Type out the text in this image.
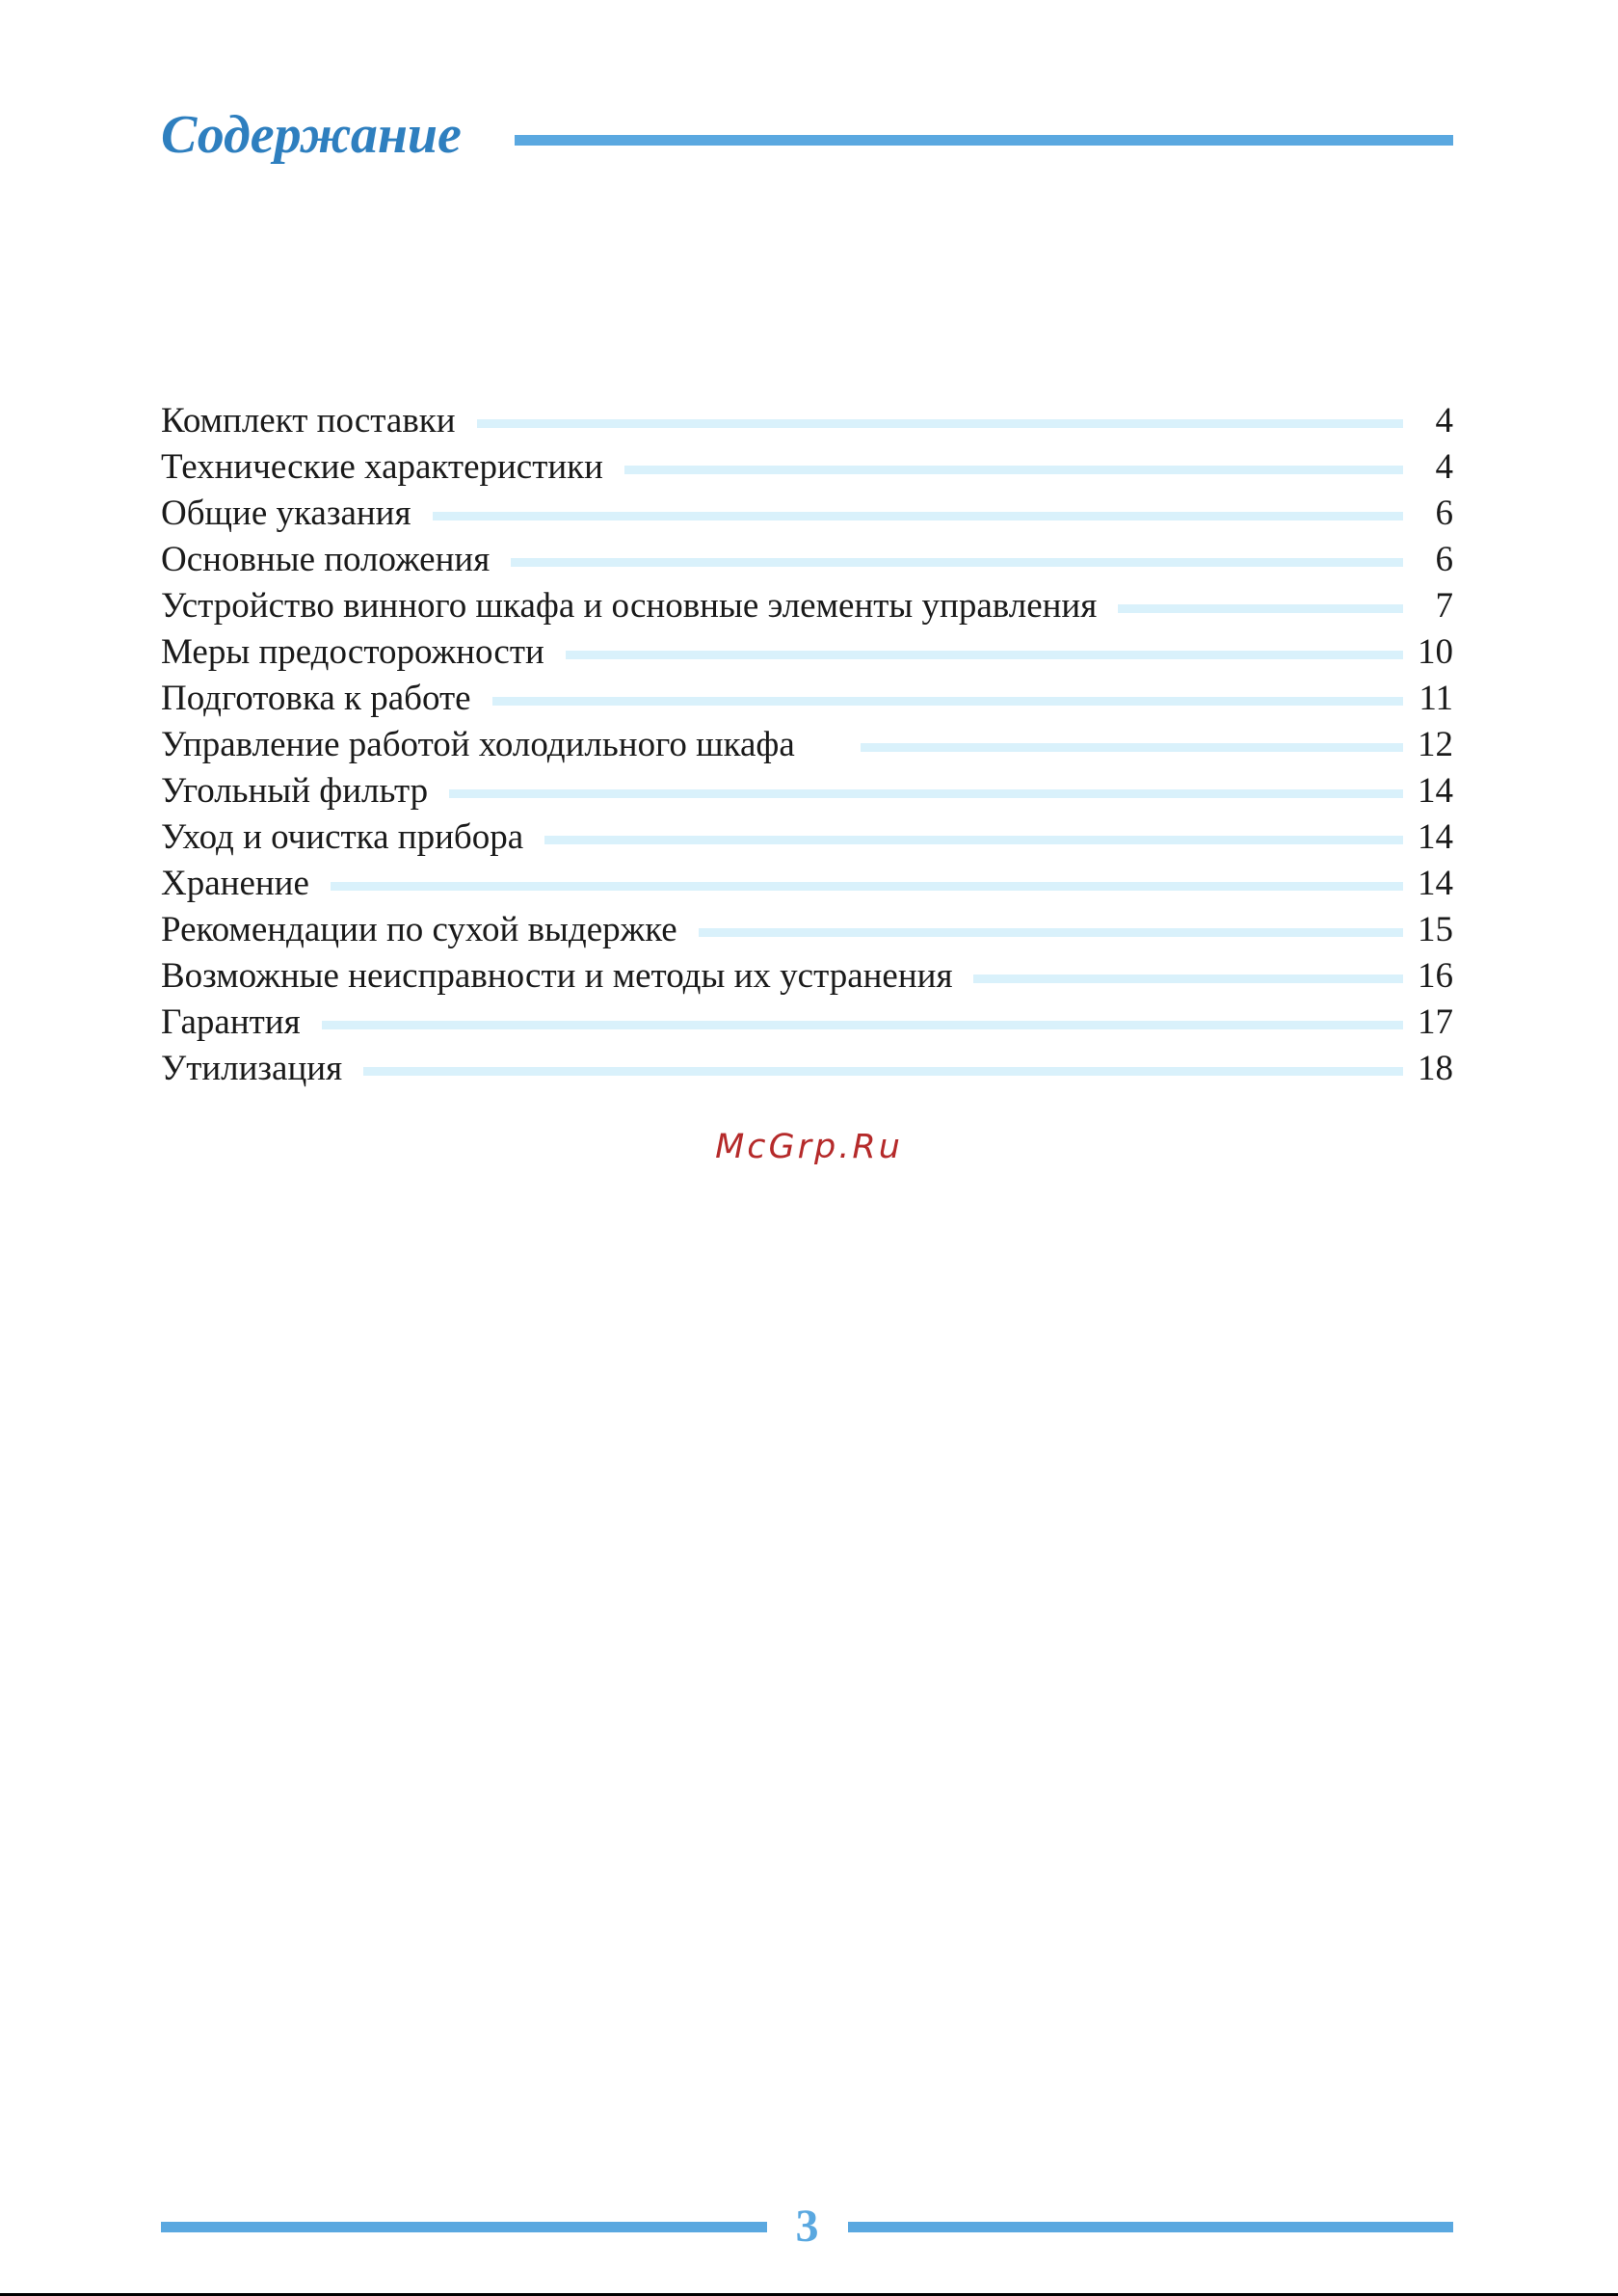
Содержание
Комплект поставки	4
Технические характеристики	4
Общие указания	6
Основные положения	6
Устройство винного шкафа и основные элементы управления	7
Меры предосторожности	10
Подготовка к работе	11
Управление работой холодильного шкафа	12
Угольный фильтр	14
Уход и очистка прибора	14
Хранение	14
Рекомендации по сухой выдержке	15
Возможные неисправности и методы их устранения	16
Гарантия	17
Утилизация	18
McGrp.Ru
3
